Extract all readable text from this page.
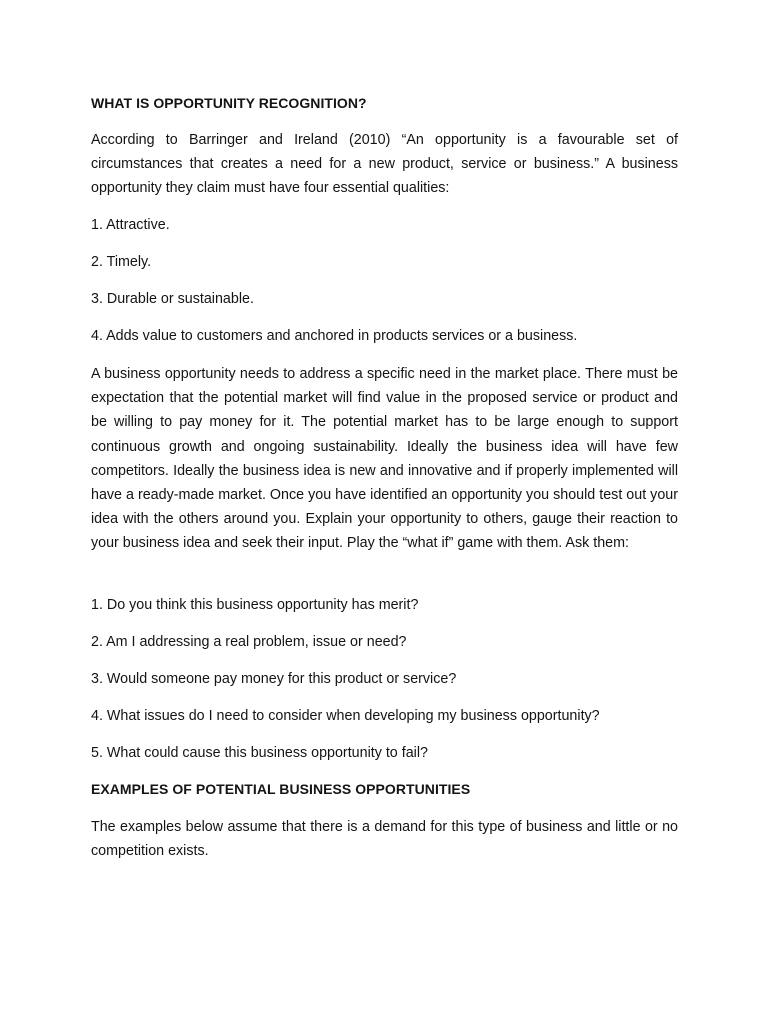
WHAT IS OPPORTUNITY RECOGNITION?

According to Barringer and Ireland (2010) “An opportunity is a favourable set of circumstances that creates a need for a new product, service or business.” A business opportunity they claim must have four essential qualities:

1. Attractive.

2. Timely.

3. Durable or sustainable.

4. Adds value to customers and anchored in products services or a business.

A business opportunity needs to address a specific need in the market place. There must be expectation that the potential market will find value in the proposed service or product and be willing to pay money for it. The potential market has to be large enough to support continuous growth and ongoing sustainability. Ideally the business idea will have few competitors. Ideally the business idea is new and innovative and if properly implemented will have a ready-made market. Once you have identified an opportunity you should test out your idea with the others around you. Explain your opportunity to others, gauge their reaction to your business idea and seek their input. Play the “what if” game with them. Ask them:

1. Do you think this business opportunity has merit?

2. Am I addressing a real problem, issue or need?

3. Would someone pay money for this product or service?

4. What issues do I need to consider when developing my business opportunity?

5. What could cause this business opportunity to fail?

EXAMPLES OF POTENTIAL BUSINESS OPPORTUNITIES

The examples below assume that there is a demand for this type of business and little or no competition exists.
